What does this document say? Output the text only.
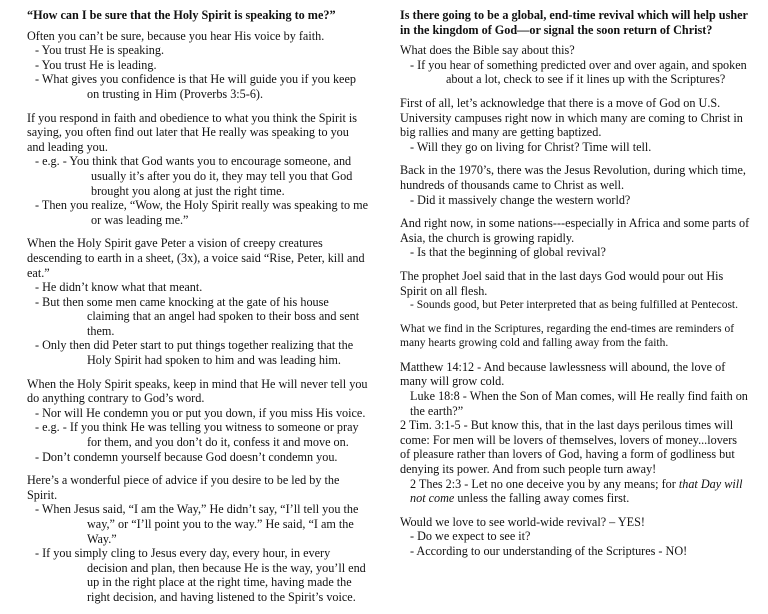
“How can I be sure that the Holy Spirit is speaking to me?”
Often you can’t be sure, because you hear His voice by faith.
- You trust He is speaking.
- You trust He is leading.
- What gives you confidence is that He will guide you if you keep on trusting in Him (Proverbs 3:5-6).
If you respond in faith and obedience to what you think the Spirit is saying, you often find out later that He really was speaking to you and leading you.
- e.g. - You think that God wants you to encourage someone, and usually it’s after you do it, they may tell you that God brought you along at just the right time.
- Then you realize, “Wow, the Holy Spirit really was speaking to me or was leading me.”
When the Holy Spirit gave Peter a vision of creepy creatures descending to earth in a sheet, (3x), a voice said “Rise, Peter, kill and eat.”
- He didn’t know what that meant.
- But then some men came knocking at the gate of his house claiming that an angel had spoken to their boss and sent them.
- Only then did Peter start to put things together realizing that the Holy Spirit had spoken to him and was leading him.
When the Holy Spirit speaks, keep in mind that He will never tell you do anything contrary to God’s word.
- Nor will He condemn you or put you down, if you miss His voice.
- e.g. - If you think He was telling you witness to someone or pray for them, and you don’t do it, confess it and move on.
- Don’t condemn yourself because God doesn’t condemn you.
Here’s a wonderful piece of advice if you desire to be led by the Spirit.
- When Jesus said, “I am the Way,” He didn’t say, “I’ll tell you the way,” or “I’ll point you to the way.” He said, “I am the Way.”
- If you simply cling to Jesus every day, every hour, in every decision and plan, then because He is the way, you’ll end up in the right place at the right time, having made the right decision, and having listened to the Spirit’s voice.
Is there going to be a global, end-time revival which will help usher in the kingdom of God—or signal the soon return of Christ?
What does the Bible say about this?
- If you hear of something predicted over and over again, and spoken about a lot, check to see if it lines up with the Scriptures?
First of all, let’s acknowledge that there is a move of God on U.S. University campuses right now in which many are coming to Christ in big rallies and many are getting baptized.
- Will they go on living for Christ? Time will tell.
Back in the 1970’s, there was the Jesus Revolution, during which time, hundreds of thousands came to Christ as well.
- Did it massively change the western world?
And right now, in some nations---especially in Africa and some parts of Asia, the church is growing rapidly.
- Is that the beginning of global revival?
The prophet Joel said that in the last days God would pour out His Spirit on all flesh.
- Sounds good, but Peter interpreted that as being fulfilled at Pentecost.
What we find in the Scriptures, regarding the end-times are reminders of many hearts growing cold and falling away from the faith.
Matthew 14:12 - And because lawlessness will abound, the love of many will grow cold.
Luke 18:8 - When the Son of Man comes, will He really find faith on the earth?”
2 Tim. 3:1-5 - But know this, that in the last days perilous times will come: For men will be lovers of themselves, lovers of money...lovers of pleasure rather than lovers of God, having a form of godliness but denying its power. And from such people turn away!
2 Thes 2:3 - Let no one deceive you by any means; for that Day will not come unless the falling away comes first.
Would we love to see world-wide revival? – YES!
- Do we expect to see it?
- According to our understanding of the Scriptures - NO!
